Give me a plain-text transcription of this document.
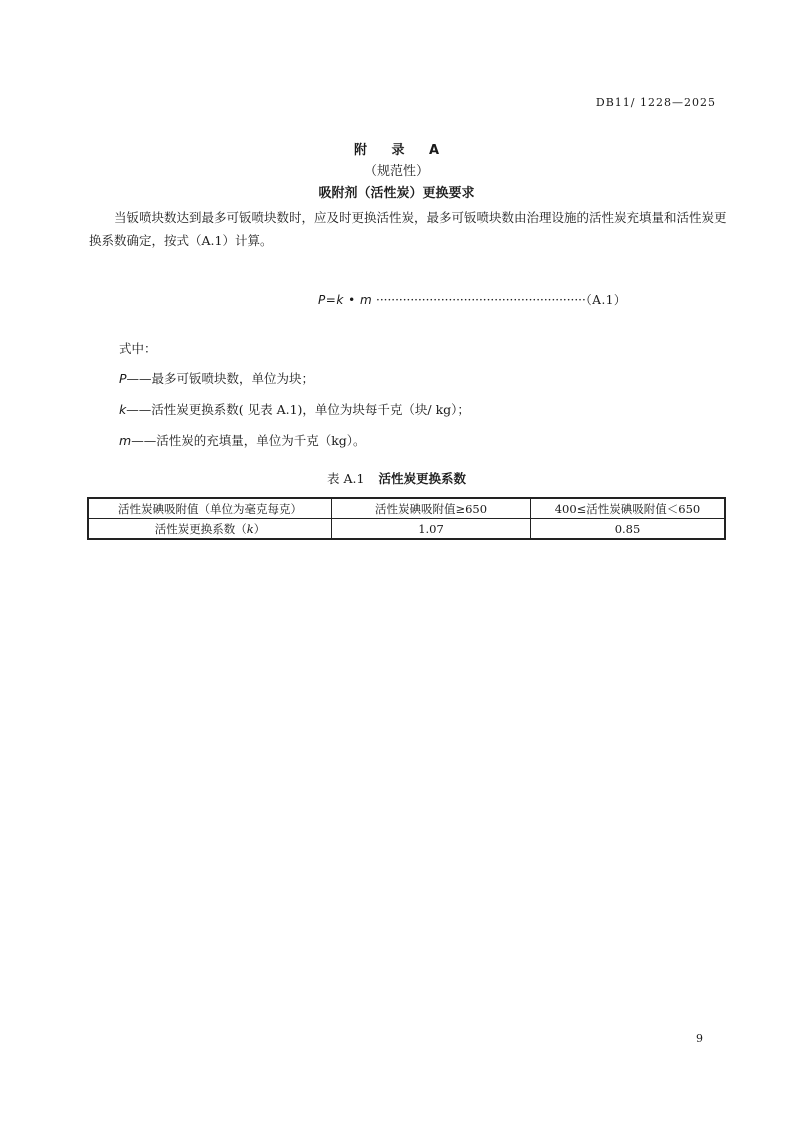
DB11/ 1228—2025
附 录 A
（规范性）
吸附剂（活性炭）更换要求
当钣喷块数达到最多可钣喷块数时，应及时更换活性炭，最多可钣喷块数由治理设施的活性炭充填量和活性炭更换系数确定，按式（A.1）计算。
P=k • m ·······················································（A.1）
式中：
P——最多可钣喷块数，单位为块；
k——活性炭更换系数( 见表 A.1)，单位为块每千克（块/ kg）；
m——活性炭的充填量，单位为千克（kg）。
表 A.1 活性炭更换系数
活性炭碘吸附值（单位为毫克每克）	活性炭碘吸附值≥650	400≤活性炭碘吸附值＜650
活性炭更换系数（k）	1.07	0.85
9
